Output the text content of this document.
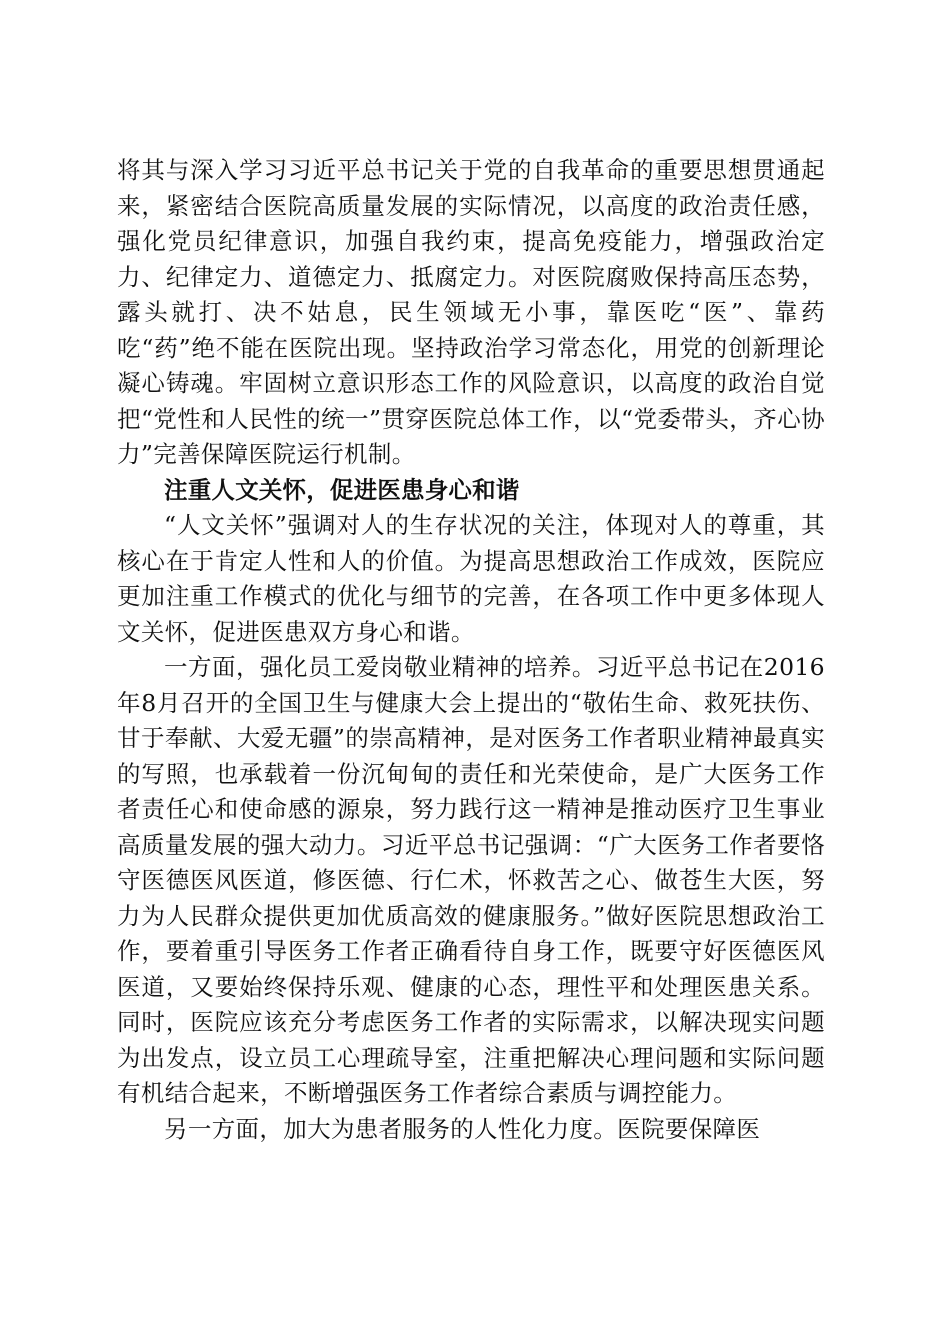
将其与深入学习习近平总书记关于党的自我革命的重要思想贯通起来，紧密结合医院高质量发展的实际情况，以高度的政治责任感，强化党员纪律意识，加强自我约束，提高免疫能力，增强政治定力、纪律定力、道德定力、抵腐定力。对医院腐败保持高压态势，露头就打、决不姑息，民生领域无小事，靠医吃“医”、靠药吃“药”绝不能在医院出现。坚持政治学习常态化，用党的创新理论凝心铸魂。牢固树立意识形态工作的风险意识，以高度的政治自觉把“党性和人民性的统一”贯穿医院总体工作，以“党委带头，齐心协力”完善保障医院运行机制。

注重人文关怀，促进医患身心和谐

“人文关怀”强调对人的生存状况的关注，体现对人的尊重，其核心在于肯定人性和人的价值。为提高思想政治工作成效，医院应更加注重工作模式的优化与细节的完善，在各项工作中更多体现人文关怀，促进医患双方身心和谐。

一方面，强化员工爱岗敬业精神的培养。习近平总书记在2016年8月召开的全国卫生与健康大会上提出的“敬佑生命、救死扶伤、甘于奉献、大爱无疆”的崇高精神，是对医务工作者职业精神最真实的写照，也承载着一份沉甸甸的责任和光荣使命，是广大医务工作者责任心和使命感的源泉，努力践行这一精神是推动医疗卫生事业高质量发展的强大动力。习近平总书记强调：“广大医务工作者要恪守医德医风医道，修医德、行仁术，怀救苦之心、做苍生大医，努力为人民群众提供更加优质高效的健康服务。”做好医院思想政治工作，要着重引导医务工作者正确看待自身工作，既要守好医德医风医道，又要始终保持乐观、健康的心态，理性平和处理医患关系。同时，医院应该充分考虑医务工作者的实际需求，以解决现实问题为出发点，设立员工心理疏导室，注重把解决心理问题和实际问题有机结合起来，不断增强医务工作者综合素质与调控能力。

另一方面，加大为患者服务的人性化力度。医院要保障医
